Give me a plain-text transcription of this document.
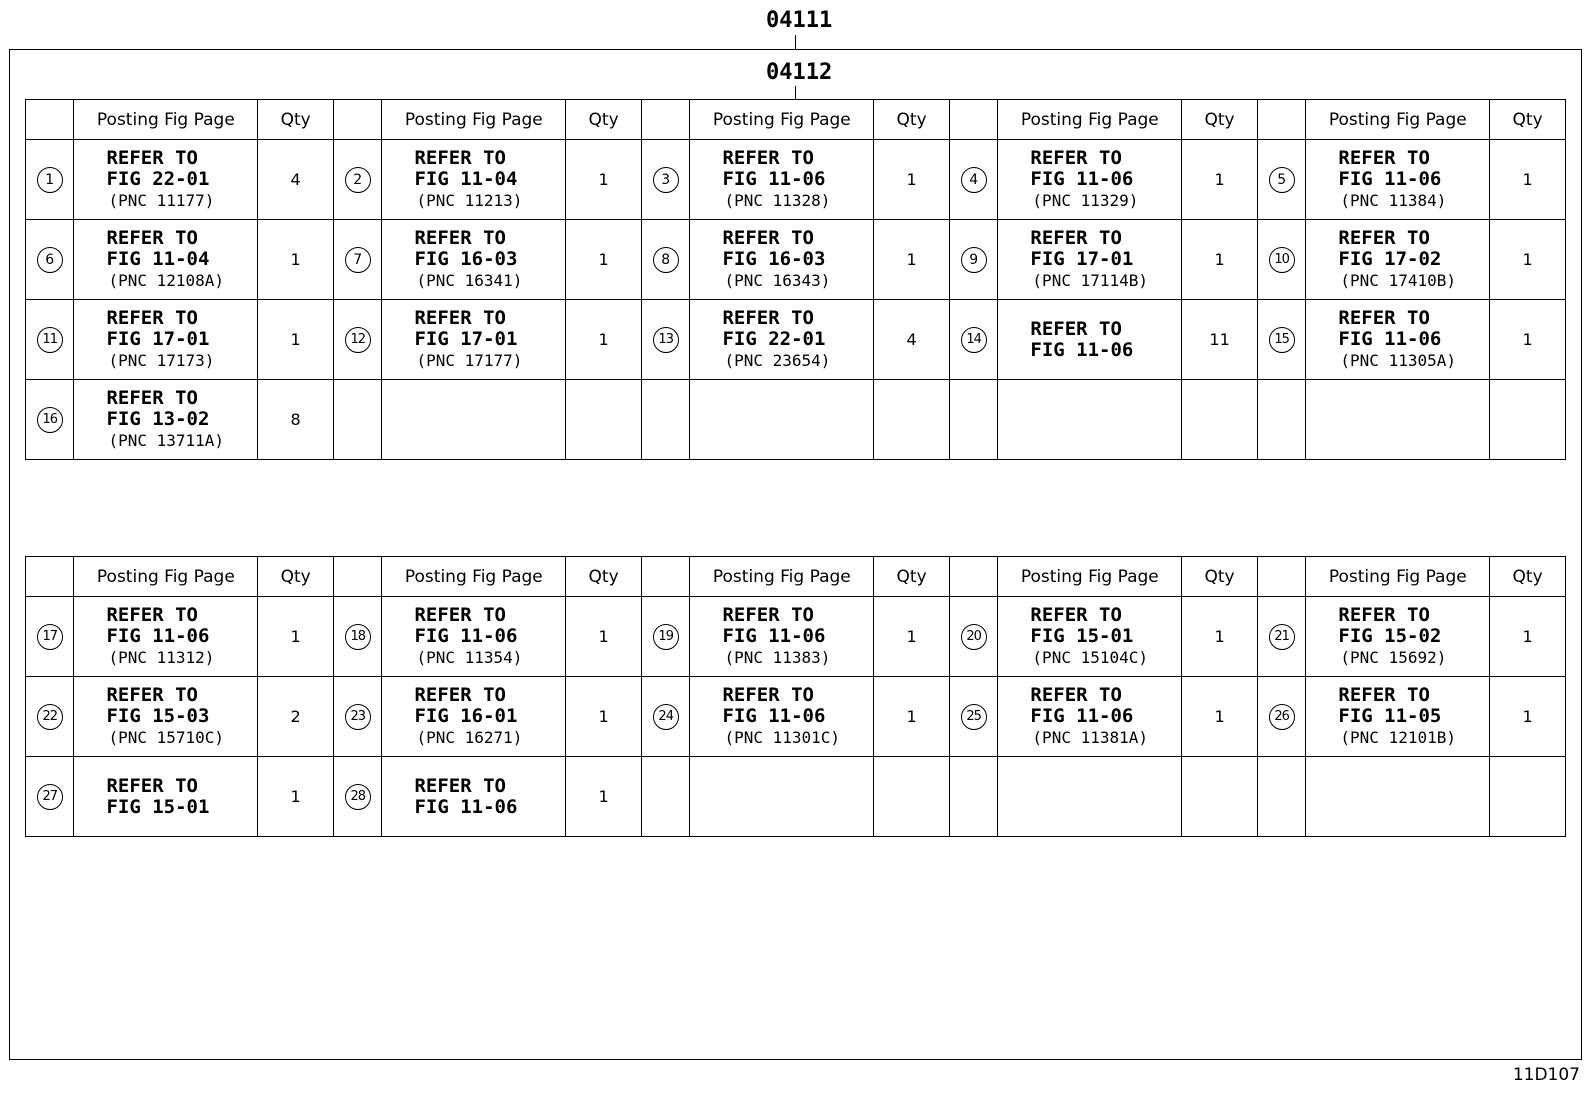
04111
04112
	Posting Fig Page	Qty		Posting Fig Page	Qty		Posting Fig Page	Qty		Posting Fig Page	Qty		Posting Fig Page	Qty
1	REFER TO
FIG 22-01
(PNC 11177)	4	2	REFER TO
FIG 11-04
(PNC 11213)	1	3	REFER TO
FIG 11-06
(PNC 11328)	1	4	REFER TO
FIG 11-06
(PNC 11329)	1	5	REFER TO
FIG 11-06
(PNC 11384)	1
6	REFER TO
FIG 11-04
(PNC 12108A)	1	7	REFER TO
FIG 16-03
(PNC 16341)	1	8	REFER TO
FIG 16-03
(PNC 16343)	1	9	REFER TO
FIG 17-01
(PNC 17114B)	1	10	REFER TO
FIG 17-02
(PNC 17410B)	1
11	REFER TO
FIG 17-01
(PNC 17173)	1	12	REFER TO
FIG 17-01
(PNC 17177)	1	13	REFER TO
FIG 22-01
(PNC 23654)	4	14	REFER TO
FIG 11-06	11	15	REFER TO
FIG 11-06
(PNC 11305A)	1
16	REFER TO
FIG 13-02
(PNC 13711A)	8												
	Posting Fig Page	Qty		Posting Fig Page	Qty		Posting Fig Page	Qty		Posting Fig Page	Qty		Posting Fig Page	Qty
17	REFER TO
FIG 11-06
(PNC 11312)	1	18	REFER TO
FIG 11-06
(PNC 11354)	1	19	REFER TO
FIG 11-06
(PNC 11383)	1	20	REFER TO
FIG 15-01
(PNC 15104C)	1	21	REFER TO
FIG 15-02
(PNC 15692)	1
22	REFER TO
FIG 15-03
(PNC 15710C)	2	23	REFER TO
FIG 16-01
(PNC 16271)	1	24	REFER TO
FIG 11-06
(PNC 11301C)	1	25	REFER TO
FIG 11-06
(PNC 11381A)	1	26	REFER TO
FIG 11-05
(PNC 12101B)	1
27	REFER TO
FIG 15-01	1	28	REFER TO
FIG 11-06	1									
11D107
